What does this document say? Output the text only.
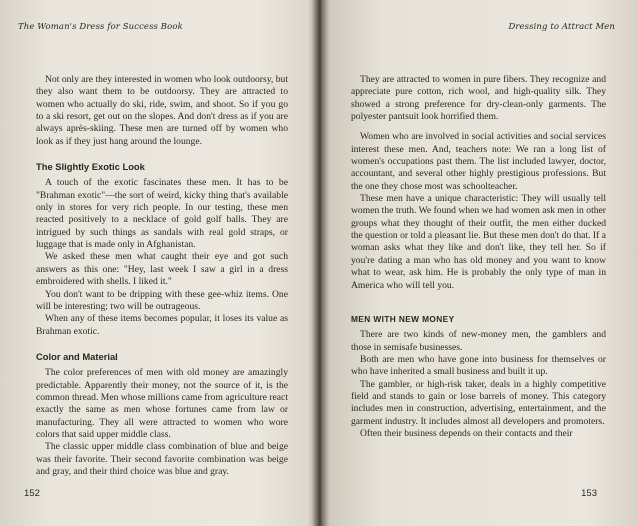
The Woman's Dress for Success Book

Not only are they interested in women who look outdoorsy, but they also want them to be outdoorsy. They are attracted to women who actually do ski, ride, swim, and shoot. So if you go to a ski resort, get out on the slopes. And don't dress as if you are always après-skiing. These men are turned off by women who look as if they just hang around the lounge.

The Slightly Exotic Look

A touch of the exotic fascinates these men. It has to be "Brahman exotic"—the sort of weird, kicky thing that's available only in stores for very rich people. In our testing, these men reacted positively to a necklace of gold golf balls. They are intrigued by such things as sandals with real gold straps, or luggage that is made only in Afghanistan.

We asked these men what caught their eye and got such answers as this one: "Hey, last week I saw a girl in a dress embroidered with shells. I liked it."

You don't want to be dripping with these gee-whiz items. One will be interesting; two will be outrageous.

When any of these items becomes popular, it loses its value as Brahman exotic.

Color and Material

The color preferences of men with old money are amazingly predictable. Apparently their money, not the source of it, is the common thread. Men whose millions came from agriculture react exactly the same as men whose fortunes came from law or manufacturing. They all were attracted to women who wore colors that said upper middle class.

The classic upper middle class combination of blue and beige was their favorite. Their second favorite combination was beige and gray, and their third choice was blue and gray.

152
Dressing to Attract Men

They are attracted to women in pure fibers. They recognize and appreciate pure cotton, rich wool, and high-quality silk. They showed a strong preference for dry-clean-only garments. The polyester pantsuit look horrified them.

Women who are involved in social activities and social services interest these men. And, teachers note: We ran a long list of women's occupations past them. The list included lawyer, doctor, accountant, and several other highly prestigious professions. But the one they chose most was schoolteacher.

These men have a unique characteristic: They will usually tell women the truth. We found when we had women ask men in other groups what they thought of their outfit, the men either ducked the question or told a pleasant lie. But these men don't do that. If a woman asks what they like and don't like, they tell her. So if you're dating a man who has old money and you want to know what to wear, ask him. He is probably the only type of man in America who will tell you.

MEN WITH NEW MONEY

There are two kinds of new-money men, the gamblers and those in semisafe businesses.

Both are men who have gone into business for themselves or who have inherited a small business and built it up.

The gambler, or high-risk taker, deals in a highly competitive field and stands to gain or lose barrels of money. This category includes men in construction, advertising, entertainment, and the garment industry. It includes almost all developers and promoters.

Often their business depends on their contacts and their

153
